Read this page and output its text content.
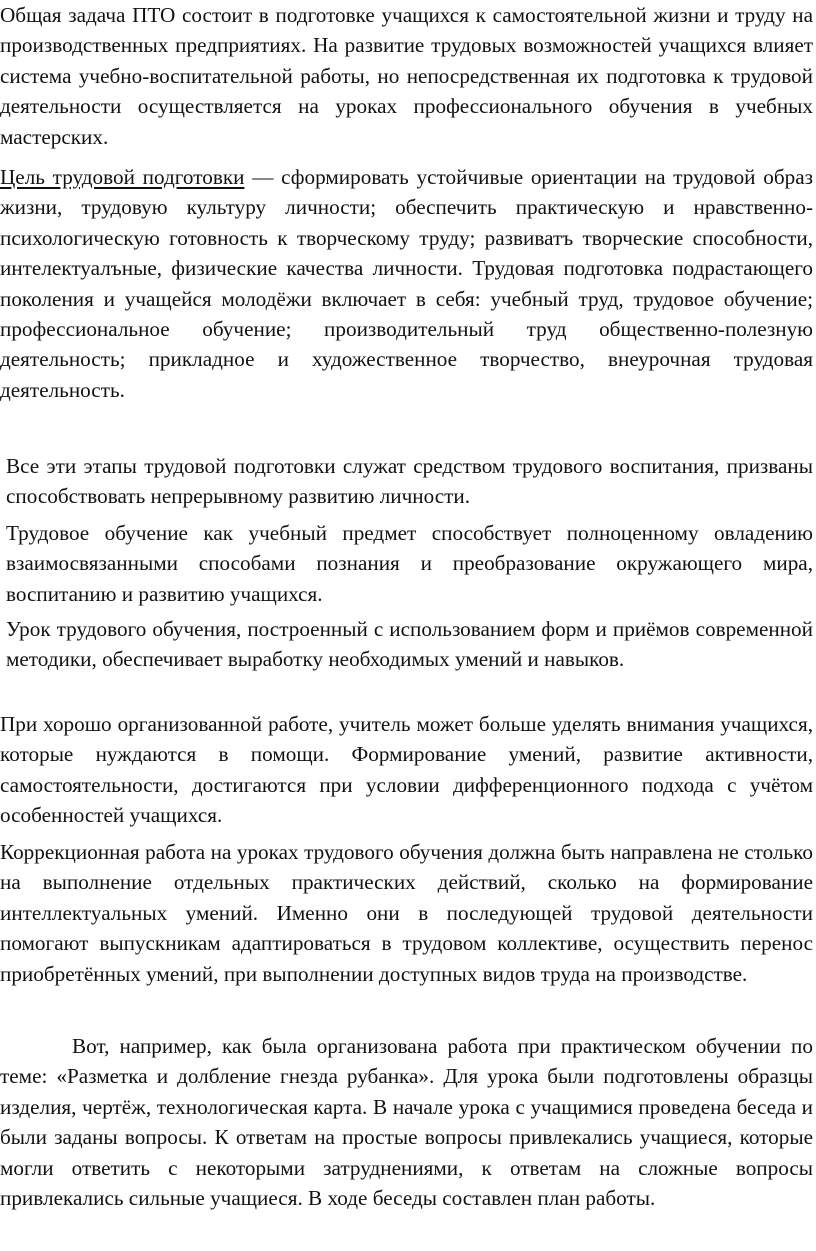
Общая задача ПТО состоит в подготовке учащихся к самостоятельной жизни и труду на производственных предприятиях. На развитие трудовых возможностей учащихся влияет система учебно-воспитательной работы, но непосредственная их подготовка к трудовой деятельности осуществляется на уроках профессионального обучения в учебных мастерских.

Цель трудовой подготовки — сформировать устойчивые ориентации на трудовой образ жизни, трудовую культуру личности; обеспечить практическую и нравственно-психологическую готовность к творческому труду; развиватъ творческие способности, интелектуалъные, физические качества личности. Трудовая подготовка подрастающего поколения и учащейся молодёжи включает в себя: учебный труд, трудовое обучение; профессиональное обучение; производительный труд общественно-полезную деятельность; прикладное и художественное творчество, внеурочная трудовая деятельность.

Все эти этапы трудовой подготовки служат средством трудового воспитания, призваны способствовать непрерывному развитию личности.

Трудовое обучение как учебный предмет способствует полноценному овладению взаимосвязанными способами познания и преобразование окружающего мира, воспитанию и развитию учащихся.

Урок трудового обучения, построенный с использованием форм и приёмов современной методики, обеспечивает выработку необходимых умений и навыков.

При хорошо организованной работе, учитель может больше уделять внимания учащихся, которые нуждаются в помощи. Формирование умений, развитие активности, самостоятельности, достигаются при условии дифференционного подхода с учётом особенностей учащихся.

Коррекционная работа на уроках трудового обучения должна быть направлена не столько на выполнение отдельных практических действий, сколько на формирование интеллектуальных умений. Именно они в последующей трудовой деятельности помогают выпускникам адаптироваться в трудовом коллективе, осуществить перенос приобретённых умений, при выполнении доступных видов труда на производстве.

Вот, например, как была организована работа при практическом обучении по теме: «Разметка и долбление гнезда рубанка». Для урока были подготовлены образцы изделия, чертёж, технологическая карта. В начале урока с учащимися проведена беседа и были заданы вопросы. К ответам на простые вопросы привлекались учащиеся, которые могли ответить с некоторыми затруднениями, к ответам на сложные вопросы привлекались сильные учащиеся. В ходе беседы составлен план работы.
